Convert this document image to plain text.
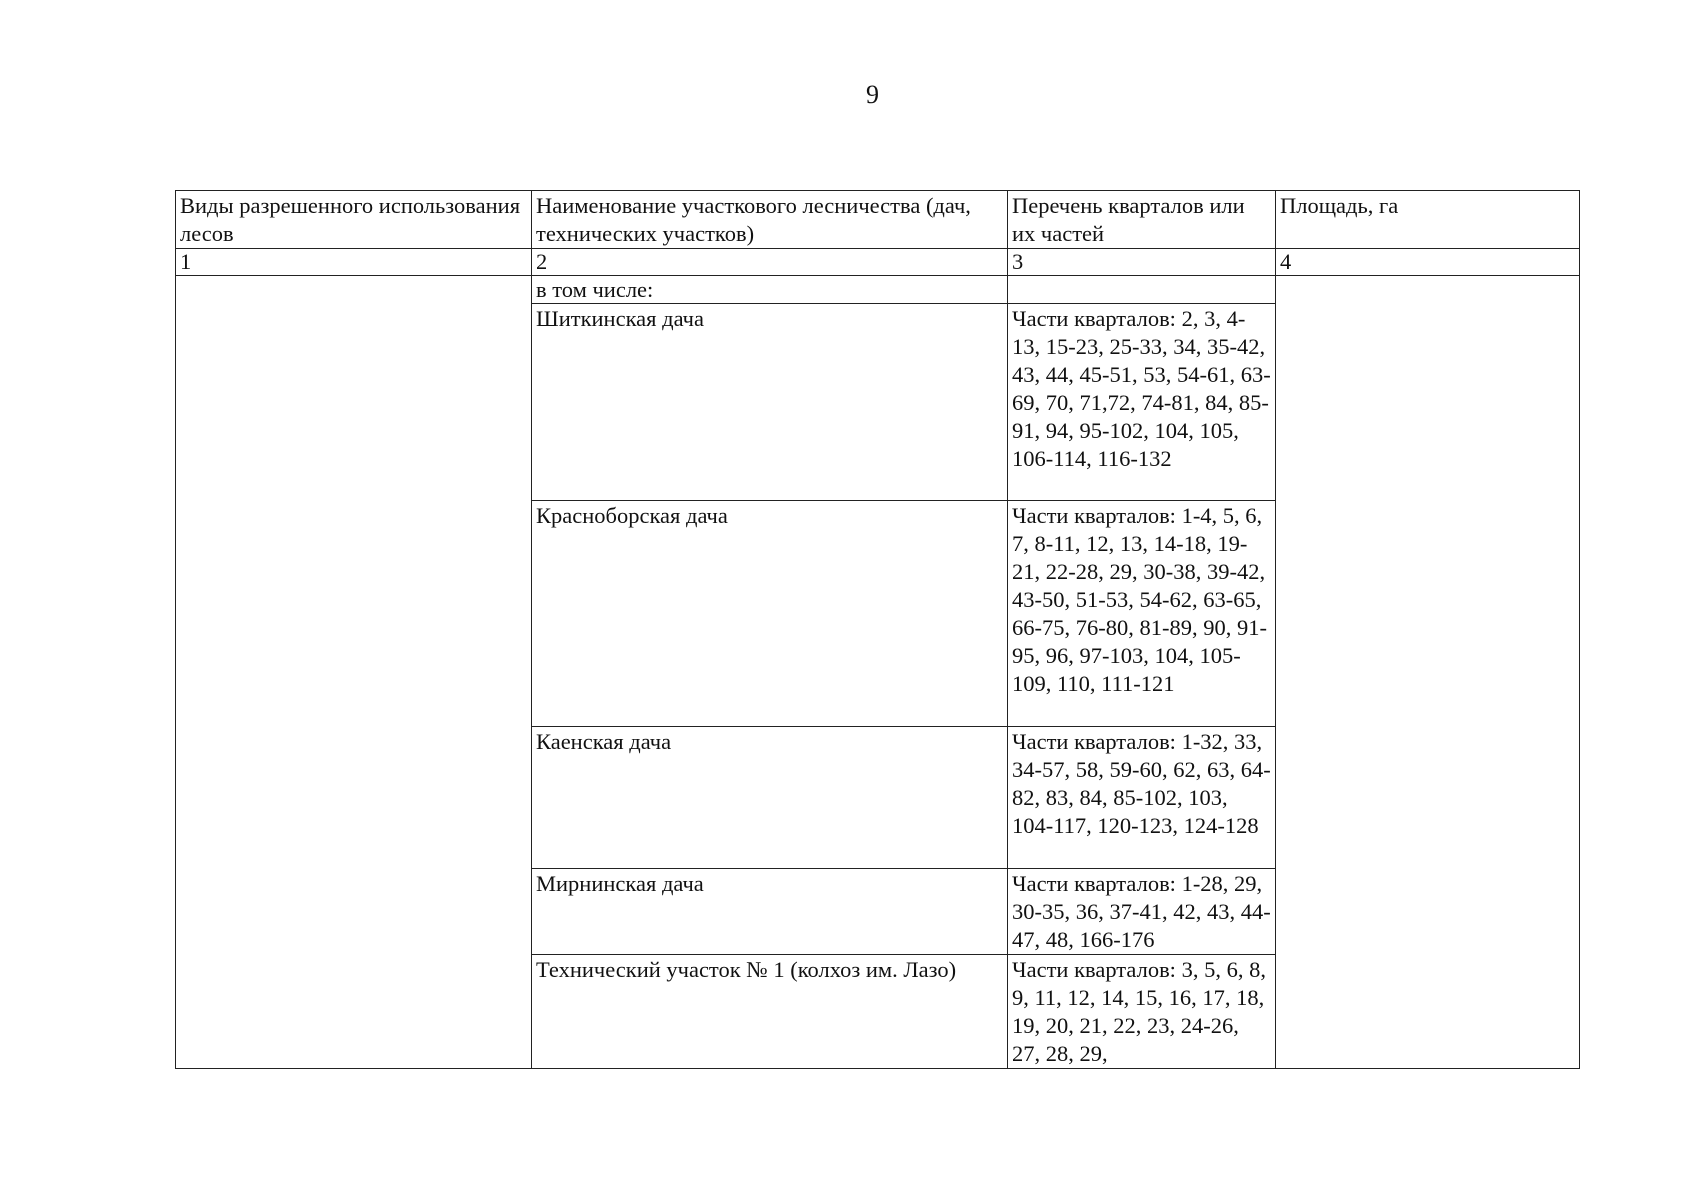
9
Виды разрешенного использования лесов	Наименование участкового лесничества (дач, технических участков)	Перечень кварталов или их частей	Площадь, га
1	2	3	4
	в том числе:		
	Шиткинская дача	Части кварталов: 2, 3, 4-13, 15-23, 25-33, 34, 35-42, 43, 44, 45-51, 53, 54-61, 63-69, 70, 71,72, 74-81, 84, 85-91, 94, 95-102, 104, 105, 106-114, 116-132	
	Красноборская дача	Части кварталов: 1-4, 5, 6, 7, 8-11, 12, 13, 14-18, 19-21, 22-28, 29, 30-38, 39-42, 43-50, 51-53, 54-62, 63-65, 66-75, 76-80, 81-89, 90, 91-95, 96, 97-103, 104, 105-109, 110, 111-121	
	Каенская дача	Части кварталов: 1-32, 33, 34-57, 58, 59-60, 62, 63, 64-82, 83, 84, 85-102, 103, 104-117, 120-123, 124-128	
	Мирнинская дача	Части кварталов: 1-28, 29, 30-35, 36, 37-41, 42, 43, 44-47, 48, 166-176	
	Технический участок № 1 (колхоз им. Лазо)	Части кварталов: 3, 5, 6, 8, 9, 11, 12, 14, 15, 16, 17, 18, 19, 20, 21, 22, 23, 24-26, 27, 28, 29,	
